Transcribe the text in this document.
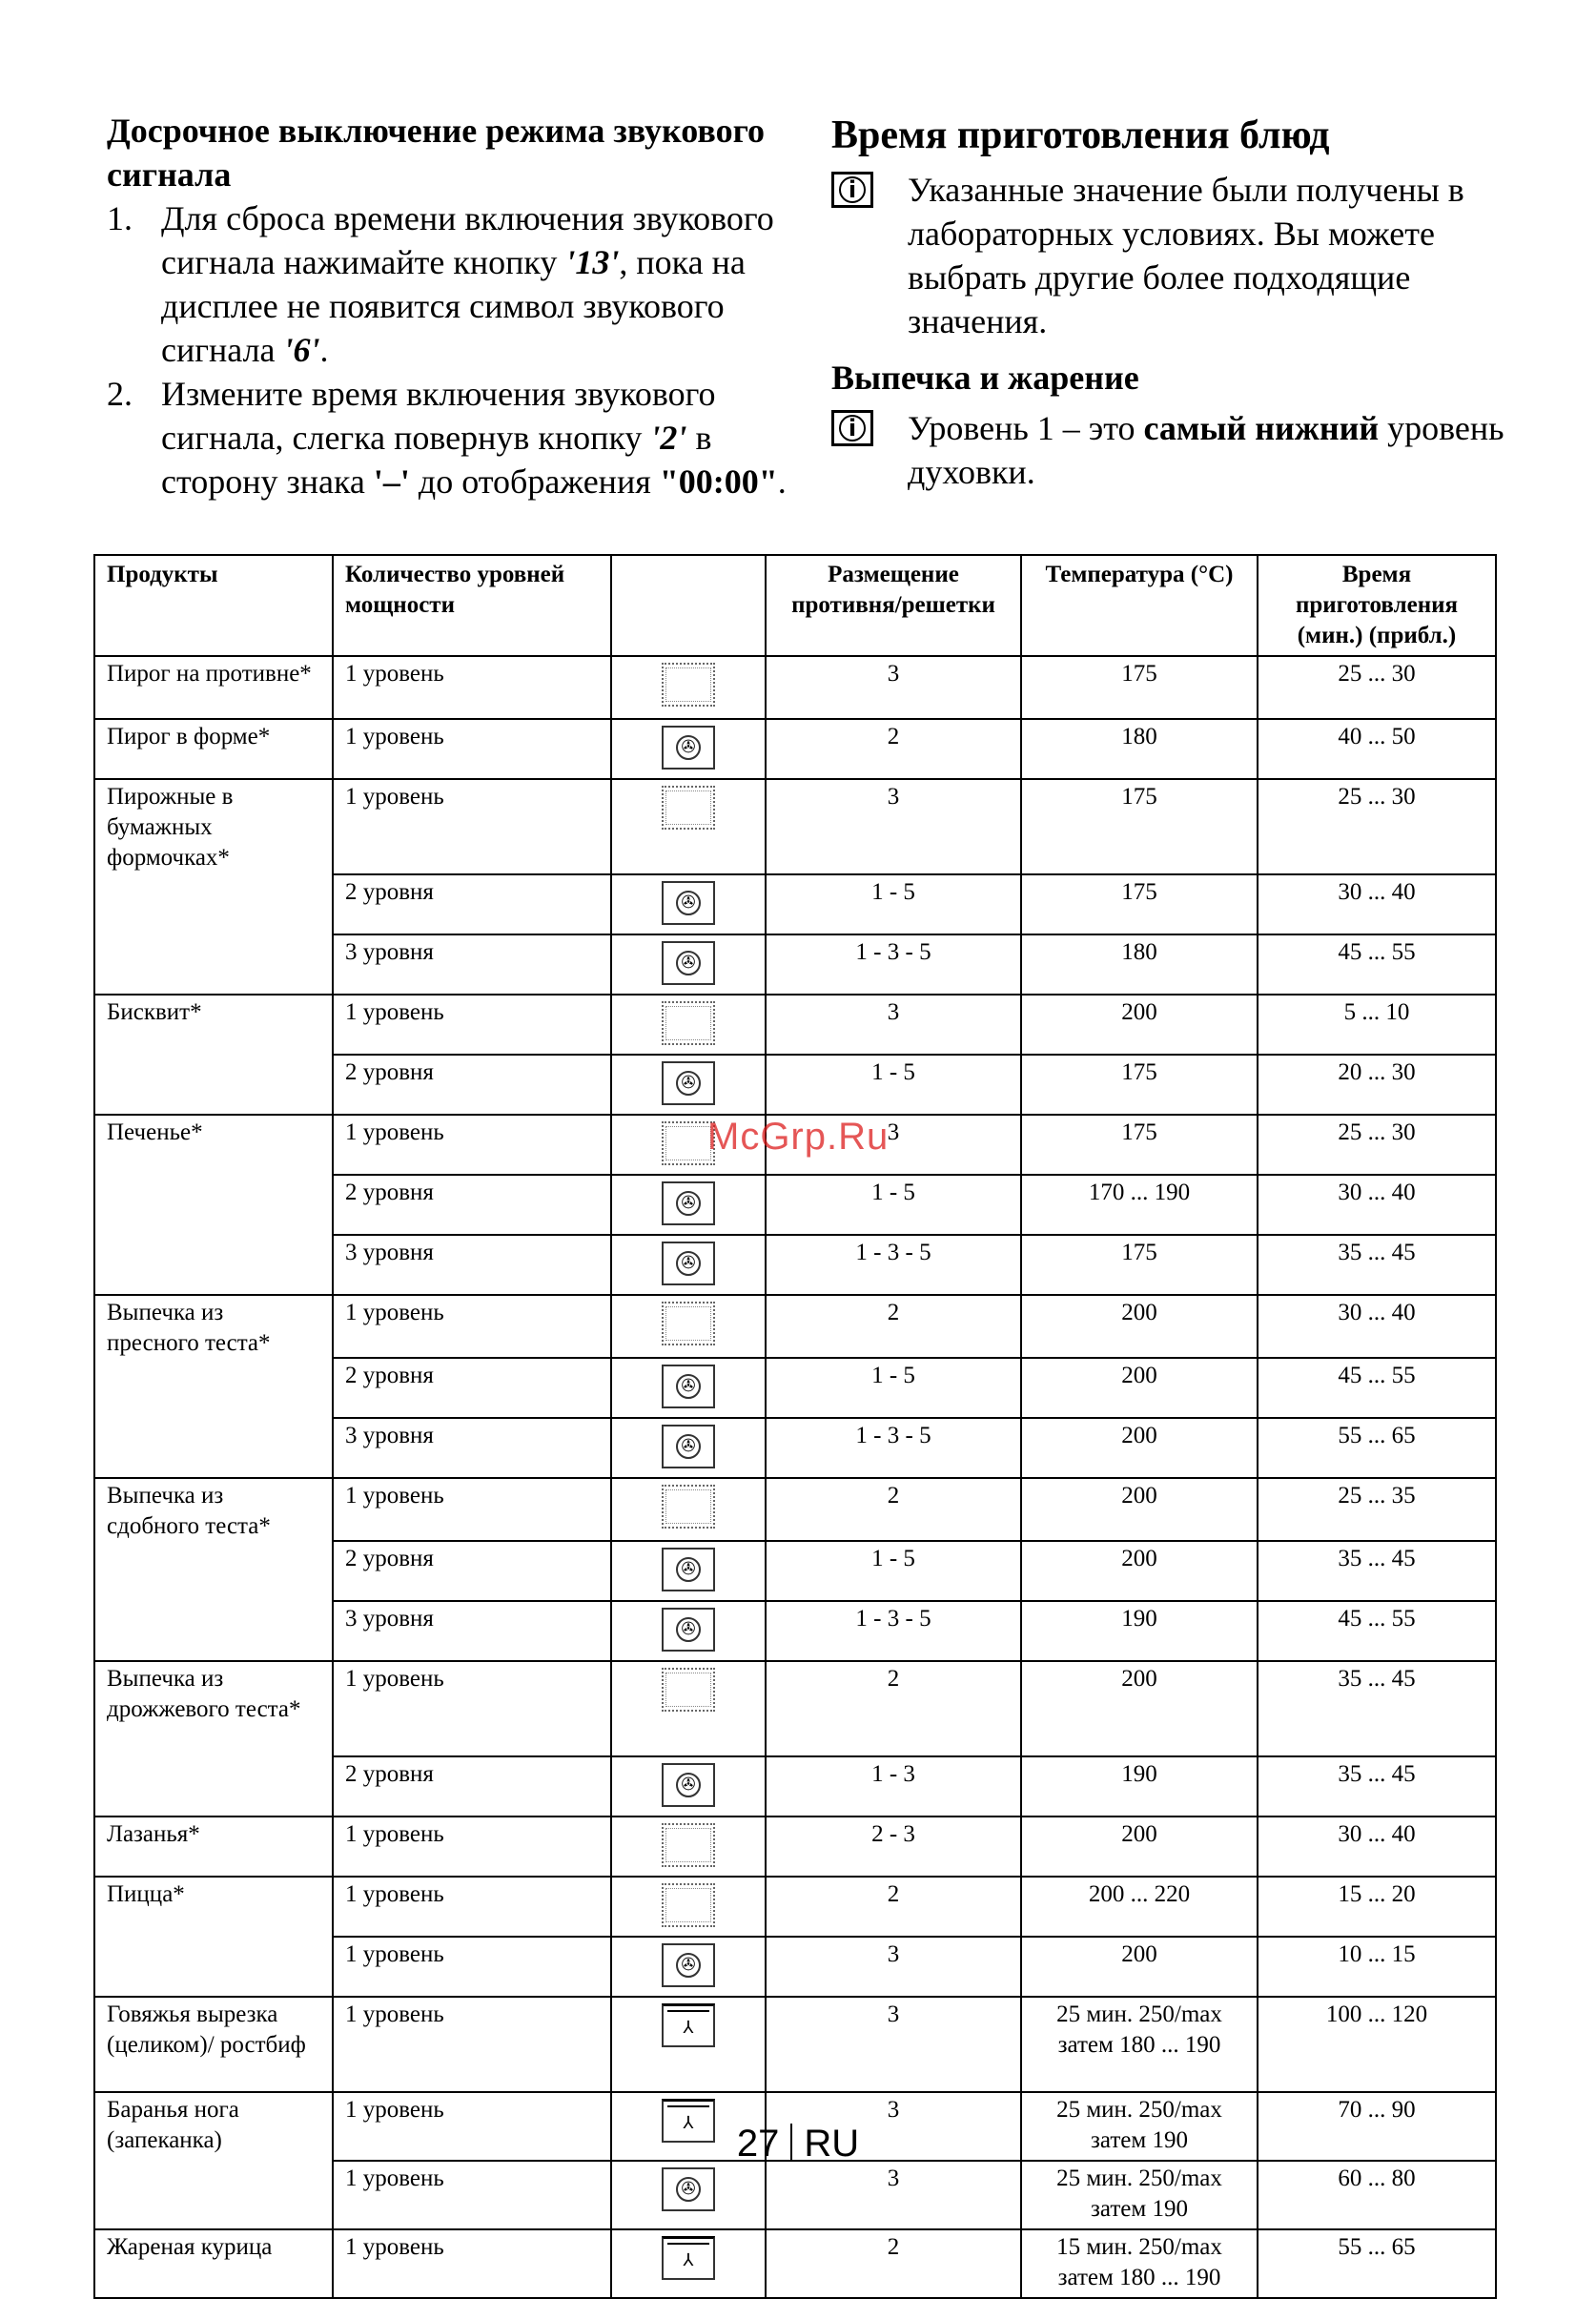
Досрочное выключение режима звукового сигнала

1. Для сброса времени включения звукового сигнала нажимайте кнопку '13', пока на дисплее не появится символ звукового сигнала '6'.
2. Измените время включения звукового сигнала, слегка повернув кнопку '2' в сторону знака '–' до отображения "00:00".

Время приготовления блюд

i Указанные значение были получены в лабораторных условиях. Вы можете выбрать другие более подходящие значения.

Выпечка и жарение

i Уровень 1 – это самый нижний уровень духовки.
Продукты	Количество уровней мощности		Размещение противня/решетки	Температура (°C)	Время приготовления (мин.) (прибл.)
Пирог на противне*	1 уровень		3	175	25 ... 30
Пирог в форме*	1 уровень	✇	2	180	40 ... 50
Пирожные в бумажных формочках*	1 уровень		3	175	25 ... 30
	2 уровня	✇	1 - 5	175	30 ... 40
	3 уровня	✇	1 - 3 - 5	180	45 ... 55
Бисквит*	1 уровень		3	200	5 ... 10
	2 уровня	✇	1 - 5	175	20 ... 30
Печенье*	1 уровень		3	175	25 ... 30
	2 уровня	✇	1 - 5	170 ... 190	30 ... 40
	3 уровня	✇	1 - 3 - 5	175	35 ... 45
Выпечка из пресного теста*	1 уровень		2	200	30 ... 40
	2 уровня	✇	1 - 5	200	45 ... 55
	3 уровня	✇	1 - 3 - 5	200	55 ... 65
Выпечка из сдобного теста*	1 уровень		2	200	25 ... 35
	2 уровня	✇	1 - 5	200	35 ... 45
	3 уровня	✇	1 - 3 - 5	190	45 ... 55
Выпечка из дрожжевого теста*	1 уровень		2	200	35 ... 45
	2 уровня	✇	1 - 3	190	35 ... 45
Лазанья*	1 уровень		2 - 3	200	30 ... 40
Пицца*	1 уровень		2	200 ... 220	15 ... 20
	1 уровень	✇	3	200	10 ... 15
Говяжья вырезка (целиком)/ ростбиф	1 уровень	⅄	3	25 мин. 250/max затем 180 ... 190	100 ... 120
Баранья нога (запеканка)	1 уровень	⅄	3	25 мин. 250/max затем 190	70 ... 90
	1 уровень	✇	3	25 мин. 250/max затем 190	60 ... 80
Жареная курица	1 уровень	⅄	2	15 мин. 250/max затем 180 ... 190	55 ... 65
McGrp.Ru
27 RU
